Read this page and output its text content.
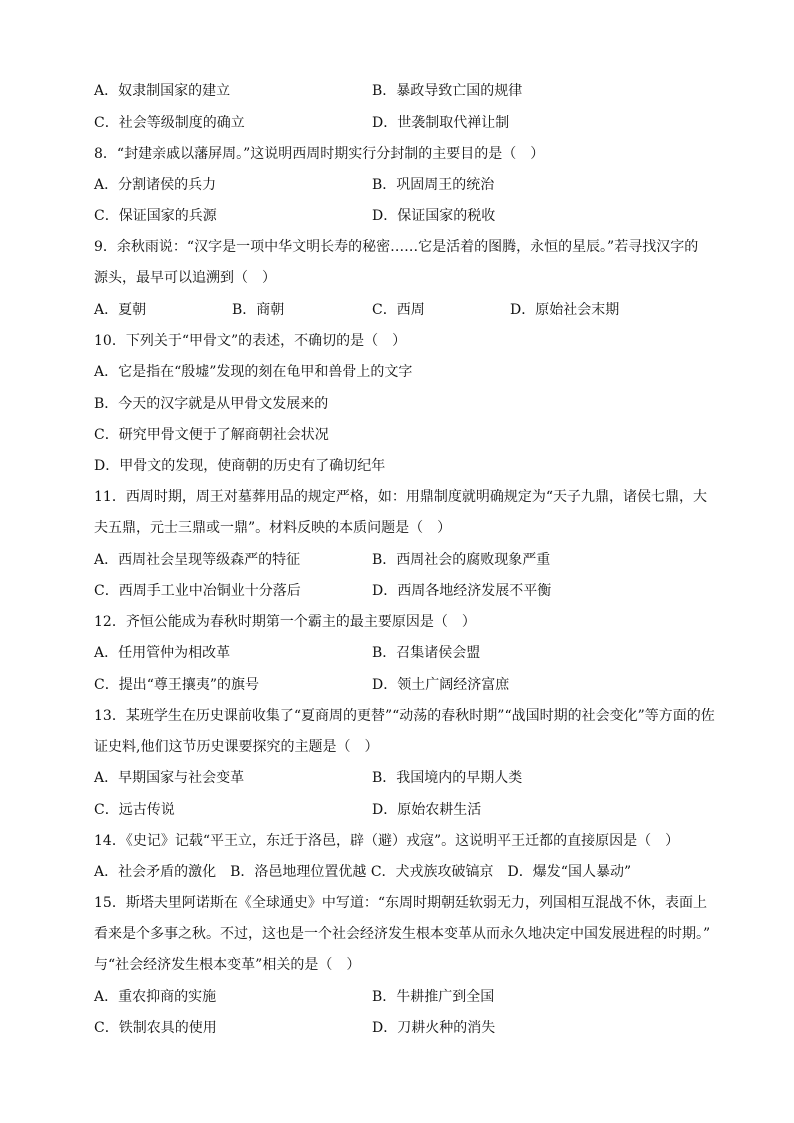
A．奴隶制国家的建立	B．暴政导致亡国的规律
C．社会等级制度的确立	D．世袭制取代禅让制
8．“封建亲戚以藩屏周。”这说明西周时期实行分封制的主要目的是（　）
A．分割诸侯的兵力	B．巩固周王的统治
C．保证国家的兵源	D．保证国家的税收
9．余秋雨说：“汉字是一项中华文明长寿的秘密……它是活着的图腾，永恒的星辰。”若寻找汉字的
源头，最早可以追溯到（　）
A．夏朝	B．商朝	C．西周	D．原始社会末期
10．下列关于“甲骨文”的表述，不确切的是（　）
A．它是指在“殷墟”发现的刻在龟甲和兽骨上的文字
B．今天的汉字就是从甲骨文发展来的
C．研究甲骨文便于了解商朝社会状况
D．甲骨文的发现，使商朝的历史有了确切纪年
11．西周时期，周王对墓葬用品的规定严格，如：用鼎制度就明确规定为“天子九鼎，诸侯七鼎，大
夫五鼎，元士三鼎或一鼎”。材料反映的本质问题是（　）
A．西周社会呈现等级森严的特征	B．西周社会的腐败现象严重
C．西周手工业中冶铜业十分落后	D．西周各地经济发展不平衡
12．齐恒公能成为春秋时期第一个霸主的最主要原因是（　）
A．任用管仲为相改革	B．召集诸侯会盟
C．提出“尊王攘夷”的旗号	D．领土广阔经济富庶
13．某班学生在历史课前收集了“夏商周的更替”“动荡的春秋时期”“战国时期的社会变化”等方面的佐
证史料,他们这节历史课要探究的主题是（　）
A．早期国家与社会变革	B．我国境内的早期人类
C．远古传说	D．原始农耕生活
14．《史记》记载“平王立，东迁于洛邑，辟（避）戎寇”。这说明平王迁都的直接原因是（　）
A．社会矛盾的激化　B．洛邑地理位置优越 C．犬戎族攻破镐京　D．爆发“国人暴动”
15．斯塔夫里阿诺斯在《全球通史》中写道：“东周时期朝廷软弱无力，列国相互混战不休，表面上
看来是个多事之秋。不过，这也是一个社会经济发生根本变革从而永久地决定中国发展进程的时期。”
与“社会经济发生根本变革”相关的是（　）
A．重农抑商的实施	B．牛耕推广到全国
C．铁制农具的使用	D．刀耕火种的消失
